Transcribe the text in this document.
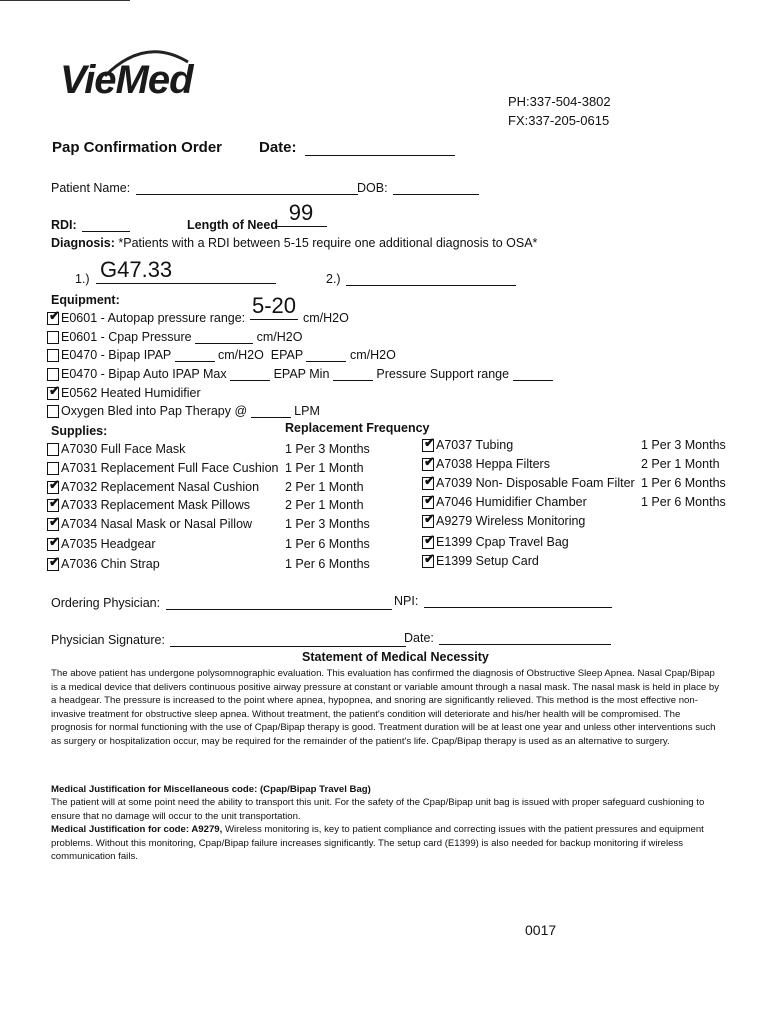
VieMed	PH:337-504-3802
FX:337-205-0615
Pap Confirmation Order Date:
Patient Name:	DOB:
RDI:	Length of Need 99
Diagnosis: *Patients with a RDI between 5-15 require one additional diagnosis to OSA*
1.) G47.33	2.)
Equipment:
✔ E0601 - Autopap pressure range: 5-20 cm/H2O
E0601 - Cpap Pressure	cm/H2O
E0470 - Bipap IPAP	cm/H2O  EPAP	cm/H2O
E0470 - Bipap Auto IPAP Max	EPAP Min	Pressure Support range
✔ E0562 Heated Humidifier
Oxygen Bled into Pap Therapy @	LPM
Supplies:	Replacement Frequency
A7030 Full Face Mask	1 Per 3 Months
A7031 Replacement Full Face Cushion 1 Per 1 Month
✔ A7032 Replacement Nasal Cushion 2 Per 1 Month
✔ A7033 Replacement Mask Pillows	2 Per 1 Month
✔ A7034 Nasal Mask or Nasal Pillow	1 Per 3 Months
✔ A7035 Headgear	1 Per 6 Months
✔ A7036 Chin Strap	1 Per 6 Months
✔ A7037 Tubing	1 Per 3 Months
✔ A7038 Heppa Filters	2 Per 1 Month
✔ A7039 Non- Disposable Foam Filter 1 Per 6 Months
✔ A7046 Humidifier Chamber	1 Per 6 Months
✔ A9279 Wireless Monitoring
✔ E1399 Cpap Travel Bag
✔ E1399 Setup Card
Ordering Physician:	NPI:
Physician Signature:	Date:
Statement of Medical Necessity
The above patient has undergone polysomnographic evaluation. This evaluation has confirmed the diagnosis of Obstructive Sleep Apnea. Nasal Cpap/Bipap is a medical device that delivers continuous positive airway pressure at constant or variable amount through a nasal mask. The nasal mask is held in place by a headgear. The pressure is increased to the point where apnea, hypopnea, and snoring are significantly relieved. This method is the most effective non-invasive treatment for obstructive sleep apnea. Without treatment, the patient's condition will deteriorate and his/her health will be compromised. The prognosis for normal functioning with the use of Cpap/Bipap therapy is good. Treatment duration will be at least one year and unless other interventions such as surgery or hospitalization occur, may be required for the remainder of the patient's life. Cpap/Bipap therapy is used as an alternative to surgery.
Medical Justification for Miscellaneous code: (Cpap/Bipap Travel Bag)
The patient will at some point need the ability to transport this unit. For the safety of the Cpap/Bipap unit bag is issued with proper safeguard cushioning to ensure that no damage will occur to the unit transportation.
Medical Justification for code: A9279, Wireless monitoring is, key to patient compliance and correcting issues with the patient pressures and equipment problems. Without this monitoring, Cpap/Bipap failure increases significantly. The setup card (E1399) is also needed for backup monitoring if wireless communication fails.
0017
